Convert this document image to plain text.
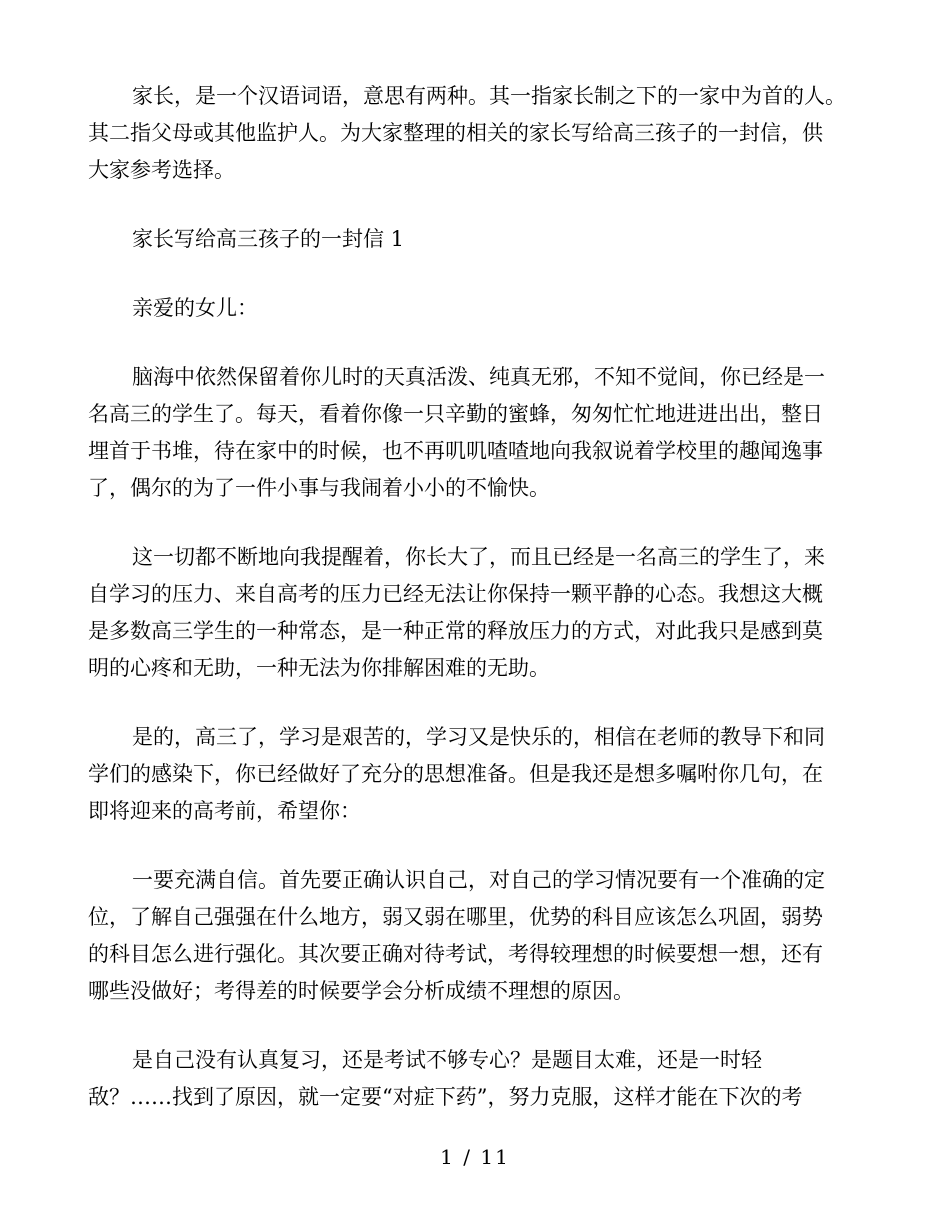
家长，是一个汉语词语，意思有两种。其一指家长制之下的一家中为首的人。
其二指父母或其他监护人。为大家整理的相关的家长写给高三孩子的一封信，供
大家参考选择。

家长写给高三孩子的一封信 1

亲爱的女儿：

脑海中依然保留着你儿时的天真活泼、纯真无邪，不知不觉间，你已经是一
名高三的学生了。每天，看着你像一只辛勤的蜜蜂，匆匆忙忙地进进出出，整日
埋首于书堆，待在家中的时候，也不再叽叽喳喳地向我叙说着学校里的趣闻逸事
了，偶尔的为了一件小事与我闹着小小的不愉快。

这一切都不断地向我提醒着，你长大了，而且已经是一名高三的学生了，来
自学习的压力、来自高考的压力已经无法让你保持一颗平静的心态。我想这大概
是多数高三学生的一种常态，是一种正常的释放压力的方式，对此我只是感到莫
明的心疼和无助，一种无法为你排解困难的无助。

是的，高三了，学习是艰苦的，学习又是快乐的，相信在老师的教导下和同
学们的感染下，你已经做好了充分的思想准备。但是我还是想多嘱咐你几句，在
即将迎来的高考前，希望你：

一要充满自信。首先要正确认识自己，对自己的学习情况要有一个准确的定
位，了解自己强强在什么地方，弱又弱在哪里，优势的科目应该怎么巩固，弱势
的科目怎么进行强化。其次要正确对待考试，考得较理想的时候要想一想，还有
哪些没做好；考得差的时候要学会分析成绩不理想的原因。

是自己没有认真复习，还是考试不够专心？是题目太难，还是一时轻
敌？……找到了原因，就一定要“对症下药”，努力克服，这样才能在下次的考

1 / 11
